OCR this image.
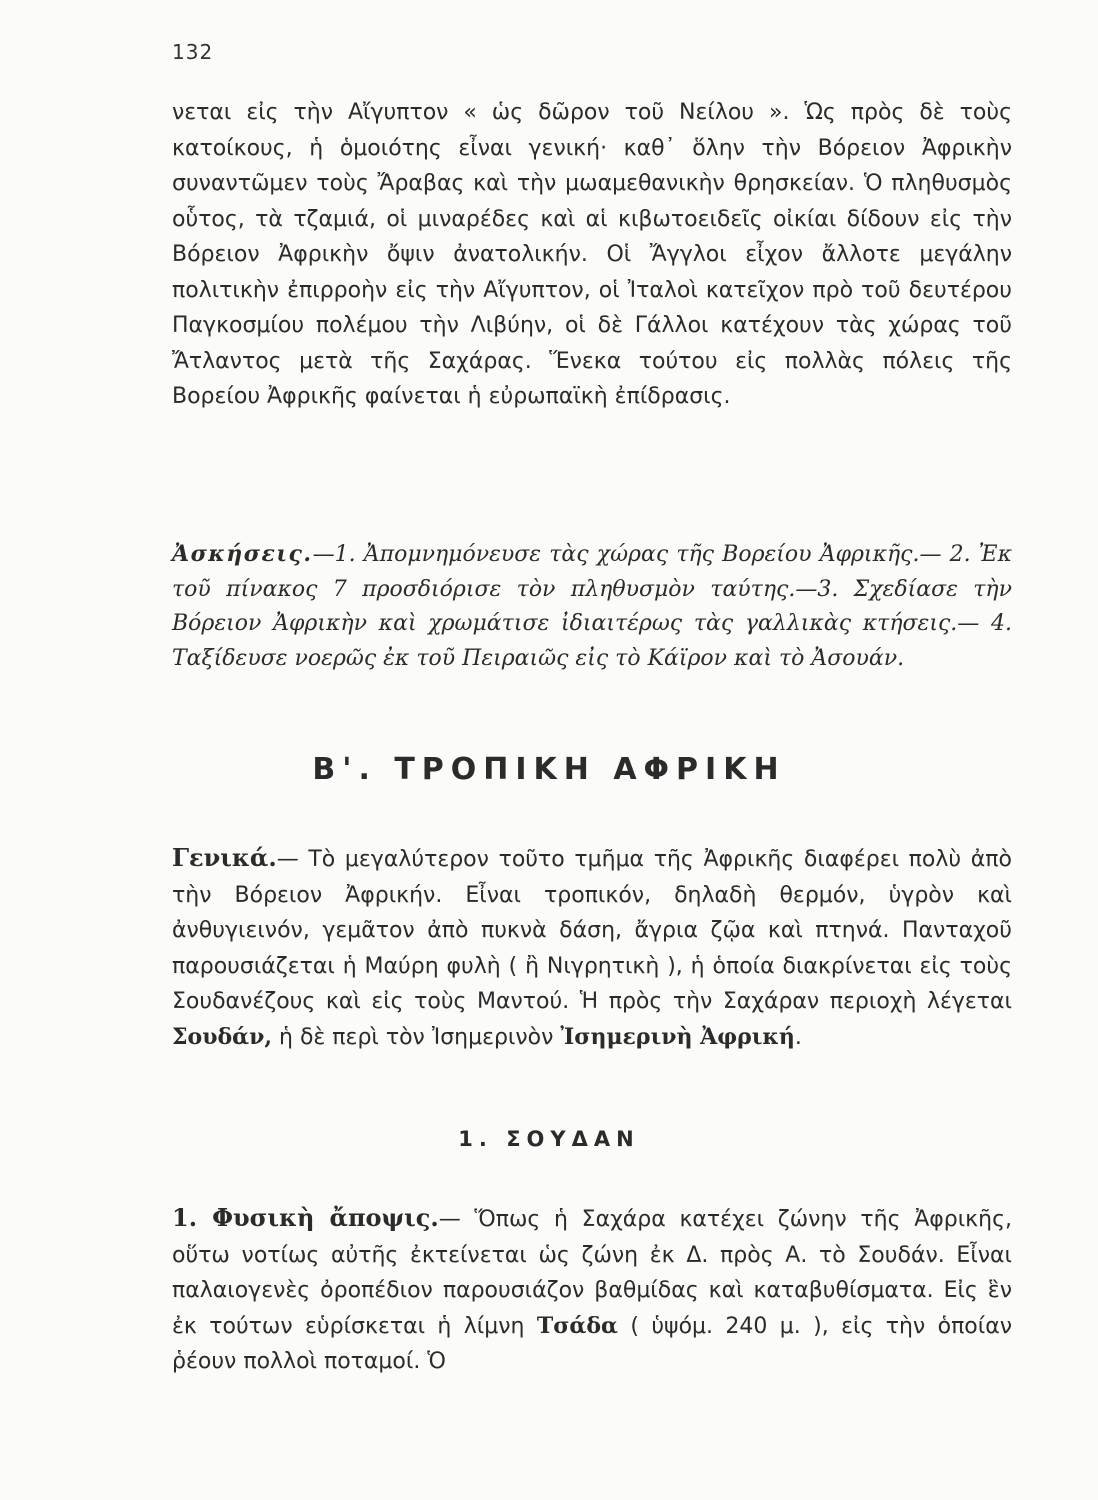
132

νεται εἰς τὴν Αἴγυπτον « ὡς δῶρον τοῦ Νείλου ». Ὡς πρὸς δὲ τοὺς κατοίκους, ἡ ὁμοιότης εἶναι γενική· καθ᾽ ὅλην τὴν Βόρειον Ἀφρικὴν συναντῶμεν τοὺς Ἄραβας καὶ τὴν μωαμεθανικὴν θρησκείαν. Ὁ πληθυσμὸς οὗτος, τὰ τζαμιά, οἱ μιναρέδες καὶ αἱ κιβωτοειδεῖς οἰκίαι δίδουν εἰς τὴν Βόρειον Ἀφρικὴν ὄψιν ἀνατολικήν. Οἱ Ἄγγλοι εἶχον ἄλλοτε μεγάλην πολιτικὴν ἐπιρροὴν εἰς τὴν Αἴγυπτον, οἱ Ἰταλοὶ κατεῖχον πρὸ τοῦ δευτέρου Παγκοσμίου πολέμου τὴν Λιβύην, οἱ δὲ Γάλλοι κατέχουν τὰς χώρας τοῦ Ἄτλαντος μετὰ τῆς Σαχάρας. Ἕνεκα τούτου εἰς πολλὰς πόλεις τῆς Βορείου Ἀφρικῆς φαίνεται ἡ εὐρωπαϊκὴ ἐπίδρασις.

Ἀσκήσεις.—1. Ἀπομνημόνευσε τὰς χώρας τῆς Βορείου Ἀφρικῆς.— 2. Ἐκ τοῦ πίνακος 7 προσδιόρισε τὸν πληθυσμὸν ταύτης.—3. Σχεδίασε τὴν Βόρειον Ἀφρικὴν καὶ χρωμάτισε ἰδιαιτέρως τὰς γαλλικὰς κτήσεις.— 4. Ταξίδευσε νοερῶς ἐκ τοῦ Πειραιῶς εἰς τὸ Κάϊρον καὶ τὸ Ἀσουάν.

Β'. ΤΡΟΠΙΚΗ ΑΦΡΙΚΗ

Γενικά.— Τὸ μεγαλύτερον τοῦτο τμῆμα τῆς Ἀφρικῆς διαφέρει πολὺ ἀπὸ τὴν Βόρειον Ἀφρικήν. Εἶναι τροπικόν, δηλαδὴ θερμόν, ὑγρὸν καὶ ἀνθυγιεινόν, γεμᾶτον ἀπὸ πυκνὰ δάση, ἄγρια ζῷα καὶ πτηνά. Πανταχοῦ παρουσιάζεται ἡ Μαύρη φυλὴ ( ἢ Νιγρητικὴ ), ἡ ὁποία διακρίνεται εἰς τοὺς Σουδανέζους καὶ εἰς τοὺς Μαντού. Ἡ πρὸς τὴν Σαχάραν περιοχὴ λέγεται Σουδάν, ἡ δὲ περὶ τὸν Ἰσημερινὸν Ἰσημερινὴ Ἀφρική.

1. ΣΟΥΔΑΝ

1. Φυσικὴ ἄποψις.— Ὅπως ἡ Σαχάρα κατέχει ζώνην τῆς Ἀφρικῆς, οὕτω νοτίως αὐτῆς ἐκτείνεται ὡς ζώνη ἐκ Δ. πρὸς Α. τὸ Σουδάν. Εἶναι παλαιογενὲς ὀροπέδιον παρουσιάζον βαθμίδας καὶ καταβυθίσματα. Εἰς ἓν ἐκ τούτων εὑρίσκεται ἡ λίμνη Τσάδα ( ὑψόμ. 240 μ. ), εἰς τὴν ὁποίαν ῥέουν πολλοὶ ποταμοί. Ὁ
